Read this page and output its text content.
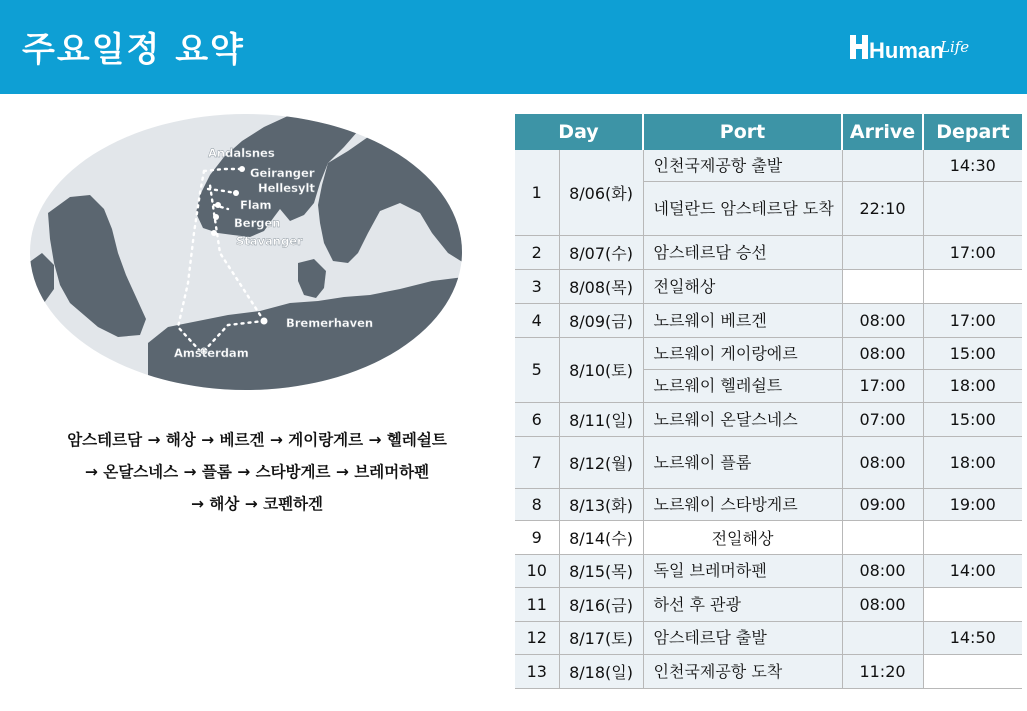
주요일정 요약	Human
Life
Andalsnes
Geiranger
Hellesylt
Flam
Bergen
Stavanger
Bremerhaven
Amsterdam
암스테르담 → 해상 → 베르겐 → 게이랑게르 → 헬레쉴트
→ 온달스네스 → 플롬 → 스타방게르 → 브레머하펜
→ 해상 → 코펜하겐
Day		Port	Arrive	Depart
1	8/06(화)	인천국제공항 출발		14:30
		네덜란드 암스테르담 도착	22:10	
2	8/07(수)	암스테르담 승선		17:00
3	8/08(목)	전일해상		
4	8/09(금)	노르웨이 베르겐	08:00	17:00
5	8/10(토)	노르웨이 게이랑에르	08:00	15:00
		노르웨이 헬레쉴트	17:00	18:00
6	8/11(일)	노르웨이 온달스네스	07:00	15:00
7	8/12(월)	노르웨이 플롬	08:00	18:00
8	8/13(화)	노르웨이 스타방게르	09:00	19:00
9	8/14(수)	전일해상		
10	8/15(목)	독일 브레머하펜	08:00	14:00
11	8/16(금)	하선 후 관광	08:00	
12	8/17(토)	암스테르담 출발		14:50
13	8/18(일)	인천국제공항 도착	11:20	
